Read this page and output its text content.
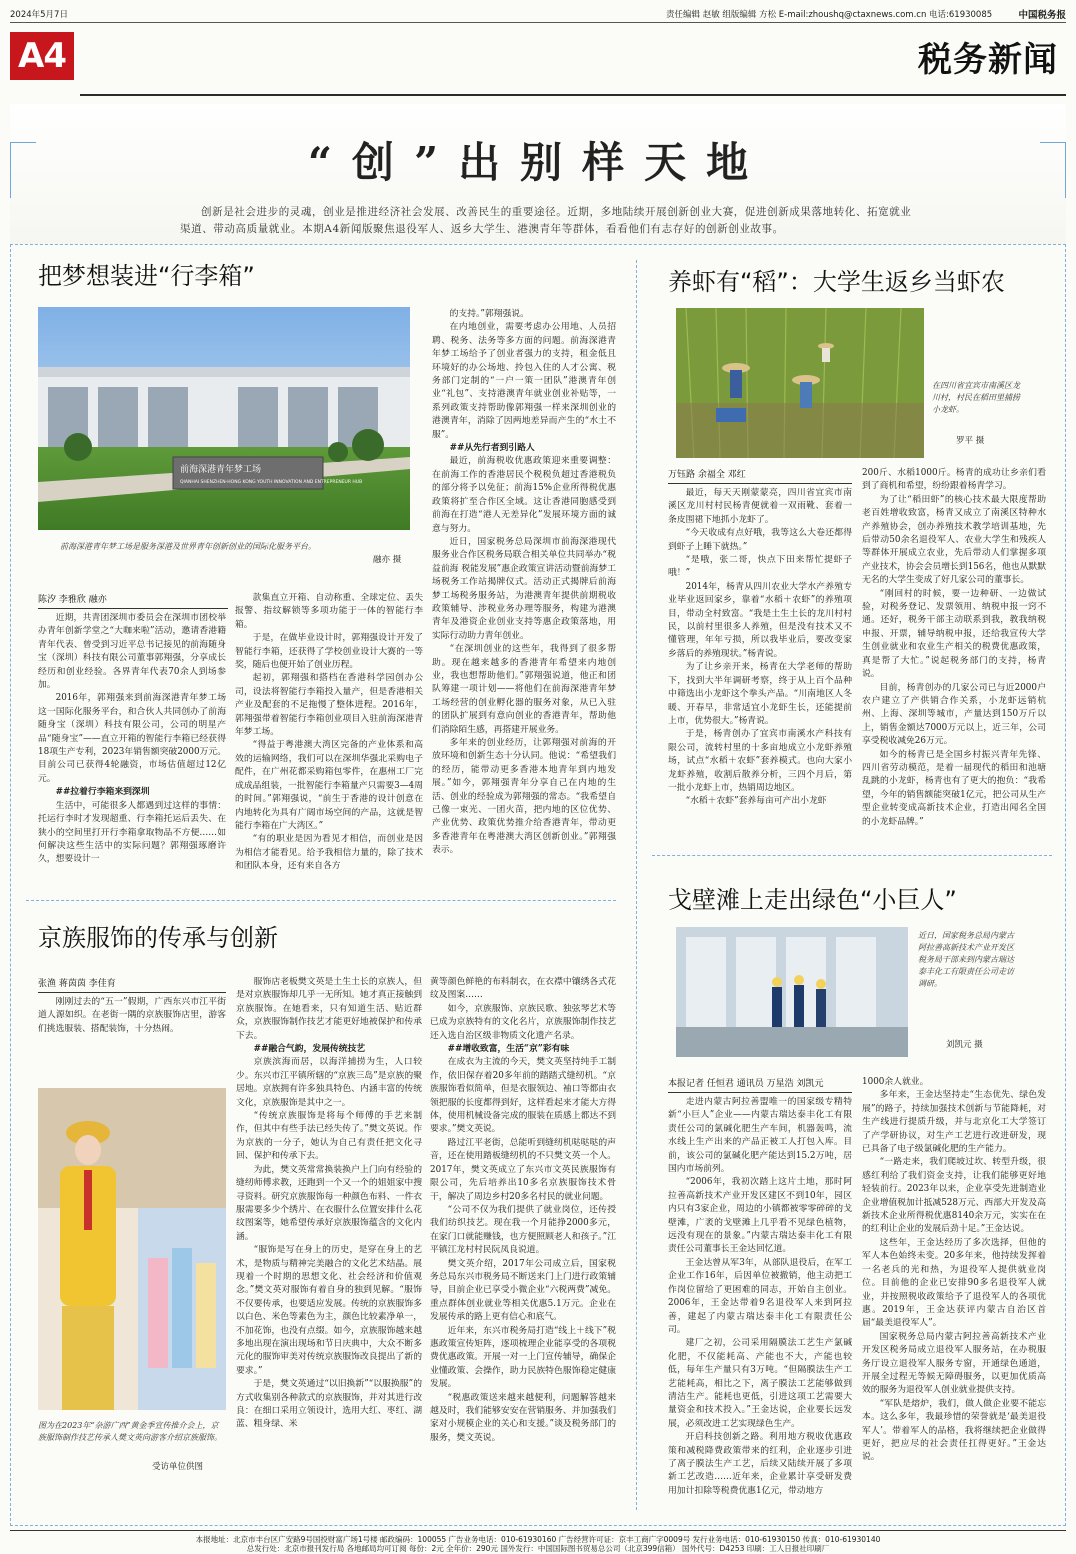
2024年5月7日	责任编辑 赵敏 组版编辑 方松 E-mail:zhoushq@ctaxnews.com.cn 电话:61930085	中国税务报
A4	税务新闻
“创”出别样天地
创新是社会进步的灵魂，创业是推进经济社会发展、改善民生的重要途径。近期，多地陆续开展创新创业大赛，促进创新成果落地转化、拓宽就业渠道、带动高质量就业。本期A4新闻版聚焦退役军人、返乡大学生、港澳青年等群体，看看他们有志存好的创新创业故事。
把梦想装进“行李箱”
前海深港青年梦工场
QIANHAI SHENZHEN-HONG KONG YOUTH INNOVATION AND ENTREPRENEUR HUB
前海深港青年梦工场是服务深港及世界青年创新创业的国际化服务平台。
融亦 摄
陈汐 李雅欣 融亦

近期，共青团深圳市委员会在深圳市团校举办青年创新学堂之“大咖来啦”活动，邀请香港籍青年代表、曾受到习近平总书记接见的前海随身宝（深圳）科技有限公司董事郭翔强，分享成长经历和创业经验。各界青年代表70余人到场参加。

2016年，郭翔强来到前海深港青年梦工场这一国际化服务平台，和合伙人共同创办了前海随身宝（深圳）科技有限公司，公司的明星产品“随身宝”——直立开箱的智能行李箱已经获得18项生产专利，2023年销售额突破2000万元。目前公司已获得4轮融资，市场估值超过12亿元。

##拉着行李箱来到深圳

生活中，可能很多人都遇到过这样的事情：托运行李时才发现超重、行李箱托运后丢失、在狭小的空间里打开行李箱拿取物品不方便……如何解决这些生活中的实际问题？郭翔强琢磨许久，想要设计一

款集直立开箱、自动称重、全球定位、丢失报警、指纹解锁等多项功能于一体的智能行李箱。

于是，在做毕业设计时，郭翔强设计开发了智能行李箱，还获得了学校创业设计大赛的一等奖，随后也便开始了创业历程。

起初，郭翔强和搭档在香港科学园创办公司，设法将智能行李箱投入量产，但是香港相关产业及配套的不足拖慢了整体进程。2016年，郭翔强带着智能行李箱创业项目入驻前海深港青年梦工场。

“得益于粤港澳大湾区完备的产业体系和高效的运输网络，我们可以在深圳华强北采购电子配件，在广州花都采购箱包零件，在惠州工厂完成成品组装，一批智能行李箱量产只需要3—4周的时间。”郭翔强说，“前生于香港的设计创意在内地转化为具有广阔市场空间的产品，这就是智能行李箱在广大湾区。”

“有的职业是因为看见才相信，而创业是因为相信才能看见。给予我相信力量的，除了技术和团队本身，还有来自各方

的支持。”郭翔强说。

在内地创业，需要考虑办公用地、人员招聘、税务、法务等多方面的问题。前海深港青年梦工场给予了创业者强力的支持，租金低且环境好的办公场地、拎包入住的人才公寓、税务部门定制的“一户一策一团队”港澳青年创业“礼包”、支持港澳青年就业创业补贴等，一系列政策支持帮助像郭翔强一样来深圳创业的港澳青年，消除了因两地差异而产生的“水土不服”。

##从先行者到引路人

最近，前海税收优惠政策迎来重要调整：在前海工作的香港居民个税税负超过香港税负的部分将予以免征；前海15%企业所得税优惠政策将扩至合作区全域。这让香港同胞感受到前海在打造“港人无差异化”发展环境方面的诚意与努力。

近日，国家税务总局深圳市前海深港现代服务业合作区税务局联合相关单位共同举办“税益前海 税能发展”惠企政策宣讲活动暨前海梦工场税务工作站揭牌仪式。活动正式揭牌后前海梦工场税务服务站，为港澳青年提供前期税收政策辅导、涉税业务办理等服务，构建为港澳青年及港资企业创业支持等惠企政策落地，用实际行动助力青年创业。

“在深圳创业的这些年，我得到了很多帮助。现在越来越多的香港青年希望来内地创业，我也想帮助他们。”郭翔强说道，他正和团队筹建一项计划——将他们在前海深港青年梦工场经营的创业孵化器的服务对象，从已入驻的团队扩展到有意向创业的香港青年，帮助他们消除陌生感，再搭建开展业务。

多年来的创业经历，让郭翔强对前海的开放环境和创新生态十分认同。他说：“希望我们的经历，能带动更多香港本地青年到内地发展。”如今，郭翔强青年分享自己在内地的生活、创业的经验成为郭翔强的常态。“我希望自己像一束光、一团火苗，把内地的区位优势、产业优势、政策优势推介给香港青年，带动更多香港青年在粤港澳大湾区创新创业。”郭翔强表示。

养虾有“稻”：大学生返乡当虾农
在四川省宜宾市南溪区龙川村，村民在稻田里捕捞小龙虾。
罗平 摄
万钰路 余福全 邓红

最近，每天天刚蒙蒙亮，四川省宜宾市南溪区龙川村村民杨青便就着一双雨靴、套着一条皮围裙下地抓小龙虾了。

“今天收成有点好哦，我等这么大卷还都得到虾子上睡下就热。”

“是哦，张二哥，快点下田来帮忙提虾子哦！”

2014年，杨青从四川农业大学水产养殖专业毕业返回家乡，靠着“水稻＋农虾”的养殖项目，带动全村致富。“我是土生土长的龙川村村民，以前村里很多人养殖，但是没有技术又不懂管理，年年亏损，所以我毕业后，要改变家乡落后的养殖现状。”杨青说。

为了让乡亲开来，杨青在大学老师的帮助下，找到大半年调研考察，终于从上百个品种中筛选出小龙虾这个拳头产品。“川南地区人冬暖、开春早，非常适宜小龙虾生长，还能提前上市，优势很大。”杨青说。

于是，杨青创办了宜宾市南溪水产科技有限公司，流转村里的十多亩地成立小龙虾养殖场，试点“水稻＋农虾”套养模式。也向大家小龙虾养殖，收割后散养分析，三四个月后，第一批小龙虾上市，热销周边地区。

“水稻＋农虾”套养每亩可产出小龙虾

200斤、水稻1000斤。杨青的成功让乡亲们看到了商机和希望，纷纷跟着杨青学习。

为了让“稻田虾”的核心技术最大限度帮助老百姓增收致富，杨青又成立了南溪区特种水产养殖协会，创办养殖技术教学培训基地，先后带动50余名退役军人、农业大学生和残疾人等群体开展成立农业，先后带动人们掌握多项产业技术，协会会员增长到156名，他也从默默无名的大学生变成了好几家公司的董事长。

“刚回村的时候，要一边种研、一边做试验，对税务登记、发票领用、纳税申报一窍不通。还好，税务干部主动联系到我，教我纳税申报、开票，辅导纳税申报，还给我宣传大学生创业就业和农业生产相关的税费优惠政策，真是帮了大忙。”说起税务部门的支持，杨青说。

目前，杨青创办的几家公司已与近2000户农户建立了产供销合作关系，小龙虾远销杭州、上海、深圳等城市，产量达到150万斤以上，销售金额达7000万元以上，近三年，公司享受税收减免26万元。

如今的杨青已是全国乡村振兴青年先锋、四川省劳动模范，是着一届现代的稻田和池塘乱跳的小龙虾，杨青也有了更大的抱负：“我希望，今年的销售额能突破1亿元，把公司从生产型企业转变成高新技术企业，打造出闻名全国的小龙虾品牌。”

京族服饰的传承与创新
张渔 蒋茵茵 李佳育

刚刚过去的“五一”假期，广西东兴市江平街道人源如织。在老街一隅的京族服饰店里，游客们挑选服装、搭配装饰，十分热闹。

图为在2023年“杂游广西”黄金季宣传推介会上，京族服饰制作技艺传承人樊文英向游客介绍京族服饰。
受访单位供图

服饰店老板樊文英是土生土长的京族人，但是对京族服饰却几乎一无所知。她才真正接触到京族服饰。在她看来，只有知道生活、贴近群众，京族服饰制作技艺才能更好地被保护和传承下去。

##融合气韵，发展传统技艺

京族滨海而居，以海洋捕捞为生，人口较少。东兴市江平镇所辖的“京族三岛”是京族的聚居地。京族拥有许多独具特色、内涵丰富的传统文化，京族服饰是其中之一。

“传统京族服饰是将每个师傅的手艺来制作，但其中有些手法已经失传了。”樊文英说。作为京族的一分子，她认为自己有责任把文化寻回、保护和传承下去。

为此，樊文英常常换装换户上门向有经验的缝纫师傅求教，还跑到一个又一个的姐姐家中搜寻资料。研究京族服饰每一种颜色布料、一件衣服需要多少个绣片、在衣服什么位置安排什么花纹图案等，她希望传承好京族服饰蕴含的文化内涵。

“服饰是写在身上的历史，是穿在身上的艺术，是物质与精神完美融合的文化艺术结晶。展现着一个时期的思想文化、社会经济和价值观念。”樊文英对服饰有着自身的独到见解。“服饰不仅要传承，也要适应发展。传统的京族服饰多以白色、米色等素色为主，颜色比较素净单一，不加花饰，也没有点缀。如今，京族服饰越来越多地出现在演出现场和节日庆典中，大众不断多元化的服饰审美对传统京族服饰改良提出了新的要求。”

于是，樊文英通过“以旧换新”“以服换服”的方式收集别各种款式的京族服饰，并对其进行改良：在细口采用立领设计，选用大红、枣红、湖蓝、粗身绿、米

黄等颜色鲜艳的布料制衣，在衣襟中镶绣各式花纹及图案……

如今，京族服饰、京族民歌、独弦琴艺术等已成为京族特有的文化名片，京族服饰制作技艺还入选自治区级非物质文化遗产名录。

##增收致富，生活“京”彩有味

在成衣为主流的今天，樊文英坚持纯手工制作，依旧保存着20多年前的踏踏式缝纫机。“京族服饰看似简单，但是衣服领边、袖口等都由衣领把服的长度都得到好，这样看起来才能大方得体，使用机械设备完成的服装在质感上都达不到要求。”樊文英说。

路过江平老街，总能听到缝纫机哒哒哒的声音，还在使用踏板缝纫机的不只樊文英一个人。2017年，樊文英成立了东兴市文英民族服饰有限公司，先后培养出10多名京族服饰技术骨干，解决了周边乡村20多名村民的就业问题。

“公司不仅为我们提供了就业岗位，还传授我们纺织技艺。现在我一个月能挣2000多元，在家门口就能赚钱，也方便照顾老人和孩子。”江平镇江龙村村民阮凤良说道。

樊文英介绍，2017年公司成立后，国家税务总局东兴市税务局不断送来门上门进行政策辅导，目前企业已享受小微企业“六税两费”减免。重点群体创业就业等相关优惠5.1万元。企业在发展传承的路上更有信心和底气。

近年来，东兴市税务局打造“线上＋线下”税惠政策宣传矩阵，逐项梳理企业能享受的各项税费优惠政策。开展一对一上门宣传辅导，确保企业懂政策、会操作，助力民族特色服饰稳定健康发展。

“税惠政策送来越来越便利，问题解答越来越及时，我们能够安安在营销服务、并加强我们家对小规模企业的关心和支援。”谈及税务部门的服务，樊文英说。

戈壁滩上走出绿色“小巨人”
近日，国家税务总局内蒙古阿拉善高新技术产业开发区税务局干部来到内蒙古瑞达泰丰化工有限责任公司走访调研。
刘凯元 摄
本报记者 任恒君 通讯员 万星浩 刘凯元

走进内蒙古阿拉善盟唯一的国家级专精特新“小巨人”企业——内蒙古瑞达泰丰化工有限责任公司的氯碱化肥生产车间，机器轰鸣，流水线上生产出来的产品正被工人打包入库。目前，该公司的氯碱化肥产能达到15.2万吨，居国内市场前列。

“2006年，我初次踏上这片土地，那时阿拉善高新技术产业开发区建区不到10年，园区内只有3家企业，周边的小镇都被零零碎碎的戈壁滩，广袤的戈壁滩上几乎看不见绿色植物，远没有现在的景象。”内蒙古瑞达泰丰化工有限责任公司董事长王金达回忆道。

王金达曾从军3年，从部队退役后，在军工企业工作16年，后因单位被撤销，他主动把工作岗位留给了更困难的同志，开始自主创业。2006年，王金达带着9名退役军人来到阿拉善，建起了内蒙古瑞达泰丰化工有限责任公司。

建厂之初，公司采用隔膜法工艺生产氯碱化肥，不仅能耗高、产能也不大，产能也较低，每年生产量只有3万吨。“但隔膜法生产工艺能耗高，相比之下，离子膜法工艺能够做到清洁生产。能耗也更低，引进这项工艺需要大量资金和技术投入。”王金达说，企业要长远发展，必须改进工艺实现绿色生产。

开启科技创新之路。利用地方税收优惠政策和减税降费政策带来的红利，企业逐步引进了离子膜法生产工艺，后续又陆续开展了多项新工艺改造……近年来，企业累计享受研发费用加计扣除等税费优惠1亿元，带动地方

1000余人就业。

多年来，王金达坚持走“生态优先、绿色发展”的路子，持续加强技术创新与节能降耗，对生产线进行提质升级，并与北京化工大学签订了产学研协议，对生产工艺进行改进研发，现已具备了电子级氯碱化肥的生产能力。

“一路走来，我们爬坡过坎、转型升级，很感红利给了我们资金支持，让我们能够更好地轻装前行。2023年以来，企业享受先进制造业企业增值税加计抵减528万元、西部大开发及高新技术企业所得税优惠8140余万元，实实在在的红利让企业的发展后劲十足。”王金达说。

这些年，王金达经历了多次选择，但他的军人本色始终未变。20多年来，他持续发挥着一名老兵的光和热，为退役军人提供就业岗位。目前他的企业已安排90多名退役军人就业，并按照税收政策给予了退役军人的各项优惠。2019年，王金达获评内蒙古自治区首届“最美退役军人”。

国家税务总局内蒙古阿拉善高新技术产业开发区税务局成立退役军人服务站，在办税服务厅设立退役军人服务专窗，开通绿色通道，开展全过程无等候无障碍服务，以更加优质高效的服务为退役军人创业就业提供支持。

“军队是熔炉，我们，做人做企业要不能忘本。这么多年，我最珍惜的荣誉就是‘最美退役军人’。带着军人的品格，我将继续把企业做得更好，把应尽的社会责任扛得更好。”王金达说。

本报地址：北京市丰台区广安路9号国投财富广场1号楼 邮政编码：100055 广告业务电话：010-61930160 广告经营许可证：京丰工商广字0009号 发行业务电话：010-61930150 传真：010-61930140
总发行处：北京市报刊发行局 各地邮局均可订阅 每份：2元 全年价：290元 国外发行：中国国际图书贸易总公司（北京399信箱） 国外代号：D4253 印刷：工人日报社印刷厂
